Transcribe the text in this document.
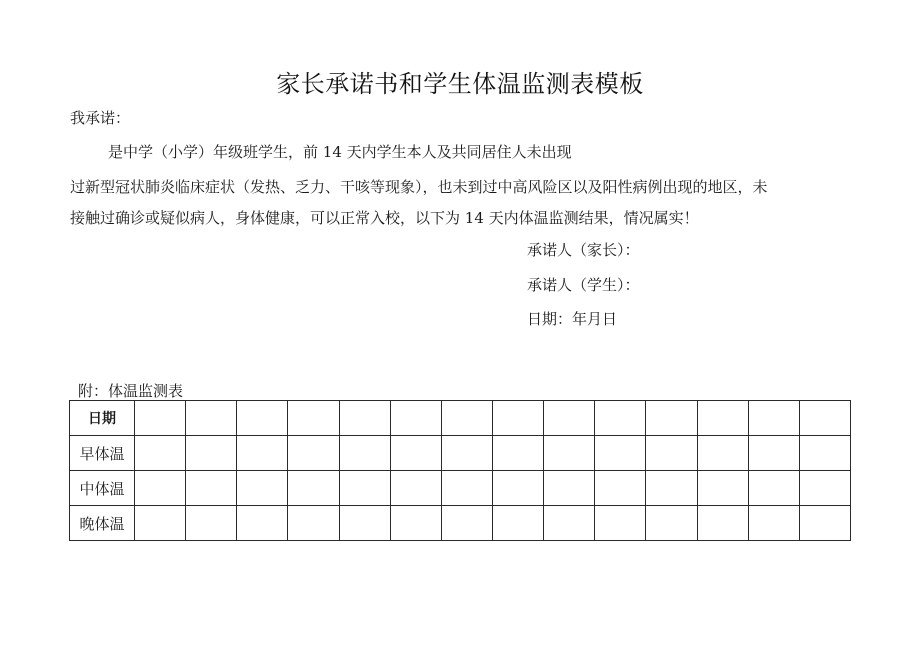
家长承诺书和学生体温监测表模板
我承诺：
是中学（小学）年级班学生，前 14 天内学生本人及共同居住人未出现
过新型冠状肺炎临床症状（发热、乏力、干咳等现象），也未到过中高风险区以及阳性病例出现的地区，未
接触过确诊或疑似病人，身体健康，可以正常入校，以下为 14 天内体温监测结果，情况属实！
承诺人（家长）：
承诺人（学生）：
日期：年月日
附：体温监测表
日期														
早体温														
中体温														
晚体温														
